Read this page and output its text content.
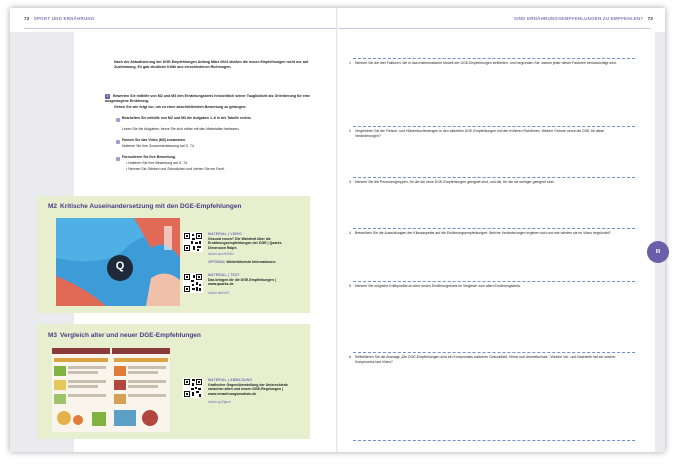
72 SPORT UND ERNÄHRUNG
Nach der Aktualisierung der DGE-Empfehlungen Anfang März 2024 stießen die neuen Empfehlungen nicht nur auf Zustimmung. Es gab deutliche Kritik aus verschiedenen Richtungen.
3 Bewerten Sie mithilfe von M2 und M3 den Ernährungskreis hinsichtlich seiner Tauglichkeit als Orientierung für eine ausgewogene Ernährung.
Gehen Sie wie folgt vor, um zu einer abschließenden Bewertung zu gelangen:
Bearbeiten Sie mithilfe von M2 und M3 die Aufgaben 1–6 in der Tabelle rechts.
Lesen Sie die Aufgaben, bevor Sie sich näher mit den Materialien befassen.
Fassen Sie das Video (M3) zusammen.
Notieren Sie ihre Zusammenfassung auf S. 74.
Formulieren Sie Ihre Bewertung.
• Notieren Sie Ihre Bewertung auf S. 74.
• Nennen Sie Stärken und Schwächen und ziehen Sie ein Fazit.
M2 Kritische Auseinandersetzung mit den DGE-Empfehlungen
Q
MATERIAL | VIDEO
Gesund essen? Die Wahrheit über die Ernährungsempfehlungen der DGE | Quarks Dimension Ralph
clicker.sp/uHiHAN
OPTIONAL Weiterführende Informationen:
MATERIAL | TEXT
Das bringen dir die DGE-Empfehlungen | www.quarks.de
clicker.de/bvFA
M3 Vergleich alter und neuer DGE-Empfehlungen
MATERIAL | ABBILDUNG
Grafischer Gegenüberstellung der Unterschiede zwischen alten und neuen DGE-Regelungen | www.ernaehrungsmedizin.de
clicker.sp/Zjanm
SIND ERNÄHRUNGSEMPFEHLUNGEN ZU EMPFEHLEN? 73
III
1 Nennen Sie die drei Faktoren, die in das mathematische Modell der DGE-Empfehlungen einfließen, und begründen Sie, warum jeder dieser Faktoren berücksichtigt wird.
2 Vergleichen Sie die Fleisch- und Hülsenfruchtmengen in den aktuellen DGE-Empfehlungen mit den früheren Richtlinien. Welche Gründe nennt die DGE für diese Veränderungen?
3 Nennen Sie die Personengruppen, für die die neue DGE-Empfehlungen geeignet sind, und die, für die sie weniger geeignet sind.
4 Betrachten Sie die Auswirkungen der Klimaaspekte auf die Ernährungsempfehlungen: Welche Veränderungen ergeben sich und wie werden sie im Video begründet?
5 Nennen Sie mögliche Kritikpunkte an dem neuen Ernährungskreis im Vergleich zum alten Ernährungskreis.
6 Reflektieren Sie die Aussage „Die DGE-Empfehlungen sind ein Kompromiss zwischen Gesundheit, Klima und Umweltschutz.“ Welche Vor- und Nachteile hat ein solcher Kompromiss laut Video?
